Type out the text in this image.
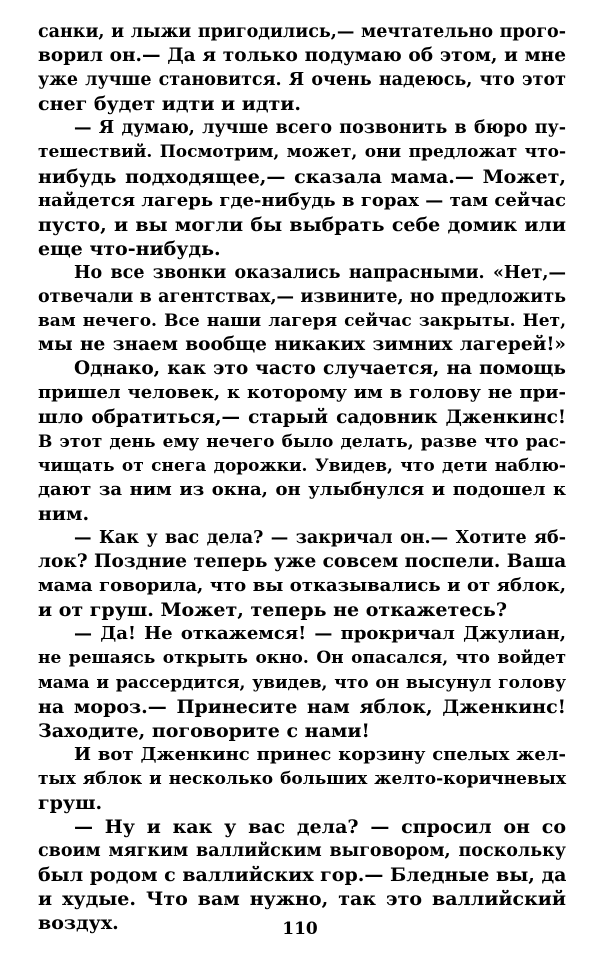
санки, и лыжи пригодились,— мечтательно прого-
ворил он.— Да я только подумаю об этом, и мне
уже лучше становится. Я очень надеюсь, что этот
снег будет идти и идти.
— Я думаю, лучше всего позвонить в бюро пу-
тешествий. Посмотрим, может, они предложат что-
нибудь подходящее,— сказала мама.— Может,
найдется лагерь где-нибудь в горах — там сейчас
пусто, и вы могли бы выбрать себе домик или
еще что-нибудь.
Но все звонки оказались напрасными. «Нет,—
отвечали в агентствах,— извините, но предложить
вам нечего. Все наши лагеря сейчас закрыты. Нет,
мы не знаем вообще никаких зимних лагерей!»
Однако, как это часто случается, на помощь
пришел человек, к которому им в голову не при-
шло обратиться,— старый садовник Дженкинс!
В этот день ему нечего было делать, разве что рас-
чищать от снега дорожки. Увидев, что дети наблю-
дают за ним из окна, он улыбнулся и подошел к
ним.
— Как у вас дела? — закричал он.— Хотите яб-
лок? Поздние теперь уже совсем поспели. Ваша
мама говорила, что вы отказывались и от яблок,
и от груш. Может, теперь не откажетесь?
— Да! Не откажемся! — прокричал Джулиан,
не решаясь открыть окно. Он опасался, что войдет
мама и рассердится, увидев, что он высунул голову
на мороз.— Принесите нам яблок, Дженкинс!
Заходите, поговорите с нами!
И вот Дженкинс принес корзину спелых жел-
тых яблок и несколько больших желто-коричневых
груш.
— Ну и как у вас дела? — спросил он со
своим мягким валлийским выговором, поскольку
был родом с валлийских гор.— Бледные вы, да
и худые. Что вам нужно, так это валлийский
воздух.	110
